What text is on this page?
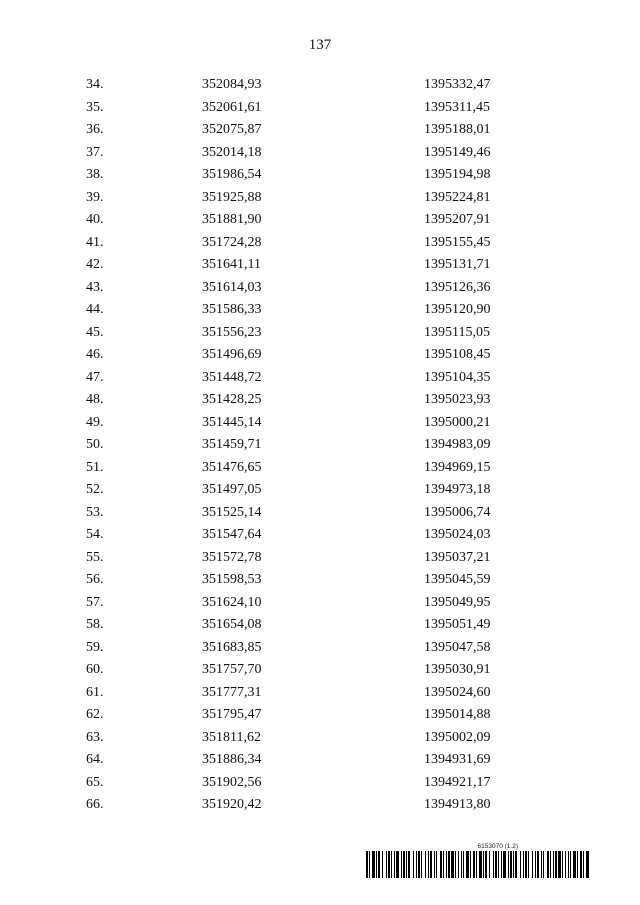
137
34.	352084,93	1395332,47
35.	352061,61	1395311,45
36.	352075,87	1395188,01
37.	352014,18	1395149,46
38.	351986,54	1395194,98
39.	351925,88	1395224,81
40.	351881,90	1395207,91
41.	351724,28	1395155,45
42.	351641,11	1395131,71
43.	351614,03	1395126,36
44.	351586,33	1395120,90
45.	351556,23	1395115,05
46.	351496,69	1395108,45
47.	351448,72	1395104,35
48.	351428,25	1395023,93
49.	351445,14	1395000,21
50.	351459,71	1394983,09
51.	351476,65	1394969,15
52.	351497,05	1394973,18
53.	351525,14	1395006,74
54.	351547,64	1395024,03
55.	351572,78	1395037,21
56.	351598,53	1395045,59
57.	351624,10	1395049,95
58.	351654,08	1395051,49
59.	351683,85	1395047,58
60.	351757,70	1395030,91
61.	351777,31	1395024,60
62.	351795,47	1395014,88
63.	351811,62	1395002,09
64.	351886,34	1394931,69
65.	351902,56	1394921,17
66.	351920,42	1394913,80
6153070 (1.2)
